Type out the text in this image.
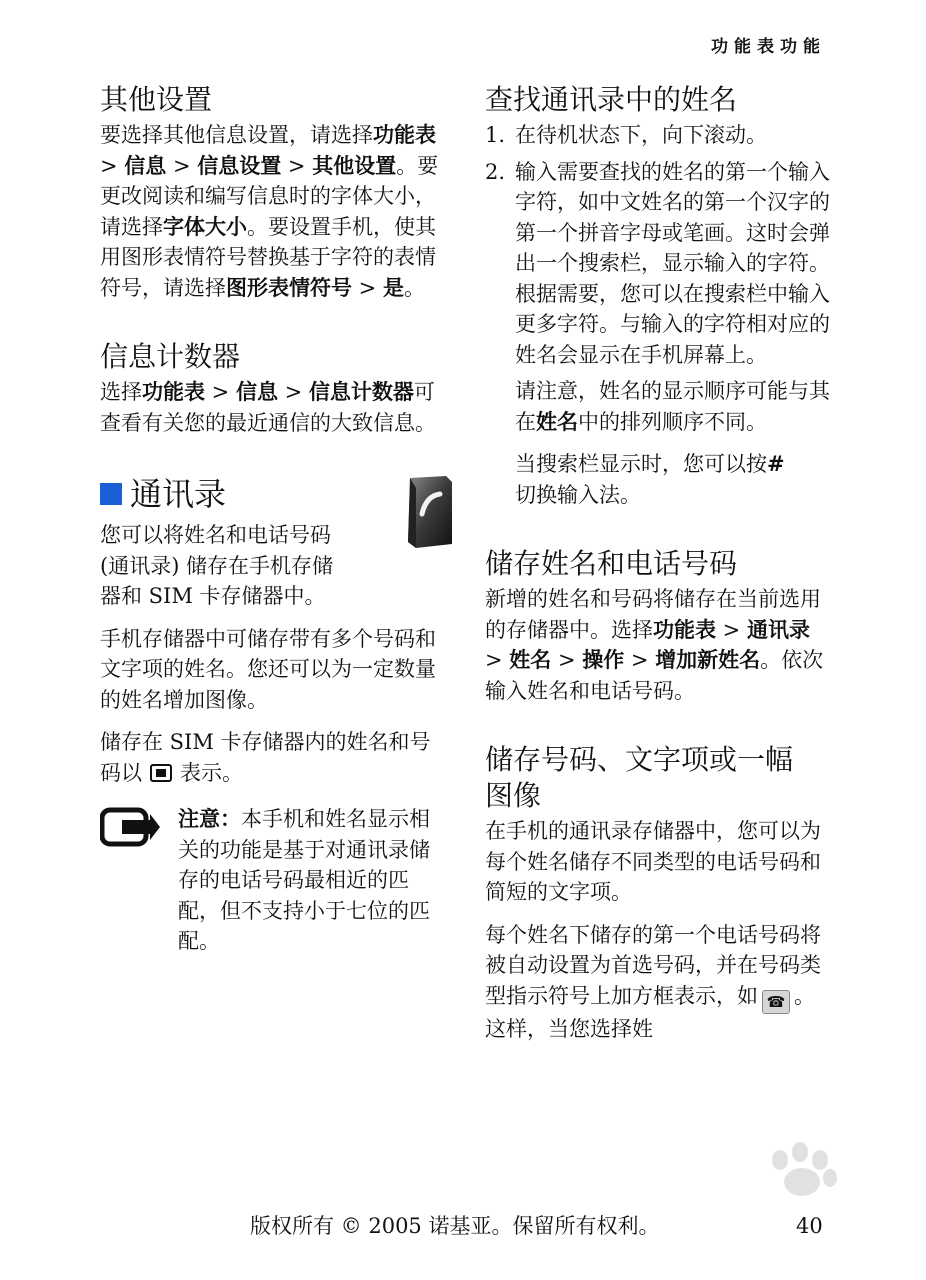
功能表功能
其他设置

要选择其他信息设置，请选择功能表 > 信息 > 信息设置 > 其他设置。要更改阅读和编写信息时的字体大小，请选择字体大小。要设置手机，使其用图形表情符号替换基于字符的表情符号，请选择图形表情符号 > 是。

信息计数器

选择功能表 > 信息 > 信息计数器可查看有关您的最近通信的大致信息。

通讯录

您可以将姓名和电话号码 (通讯录) 储存在手机存储器和 SIM 卡存储器中。

手机存储器中可储存带有多个号码和文字项的姓名。您还可以为一定数量的姓名增加图像。

储存在 SIM 卡存储器内的姓名和号码以 表示。

注意：本手机和姓名显示相关的功能是基于对通讯录储存的电话号码最相近的匹配，但不支持小于七位的匹配。

查找通讯录中的姓名
1. 在待机状态下，向下滚动。
2. 输入需要查找的姓名的第一个输入字符，如中文姓名的第一个汉字的第一个拼音字母或笔画。这时会弹出一个搜索栏，显示输入的字符。根据需要，您可以在搜索栏中输入更多字符。与输入的字符相对应的姓名会显示在手机屏幕上。

请注意，姓名的显示顺序可能与其在姓名中的排列顺序不同。

当搜索栏显示时，您可以按#
切换输入法。

储存姓名和电话号码

新增的姓名和号码将储存在当前选用的存储器中。选择功能表 > 通讯录 > 姓名 > 操作 > 增加新姓名。依次输入姓名和电话号码。

储存号码、文字项或一幅图像

在手机的通讯录存储器中，您可以为每个姓名储存不同类型的电话号码和简短的文字项。

每个姓名下储存的第一个电话号码将被自动设置为首选号码，并在号码类型指示符号上加方框表示，如 ☎ 。这样，当您选择姓

版权所有 © 2005 诺基亚。保留所有权利。	40
